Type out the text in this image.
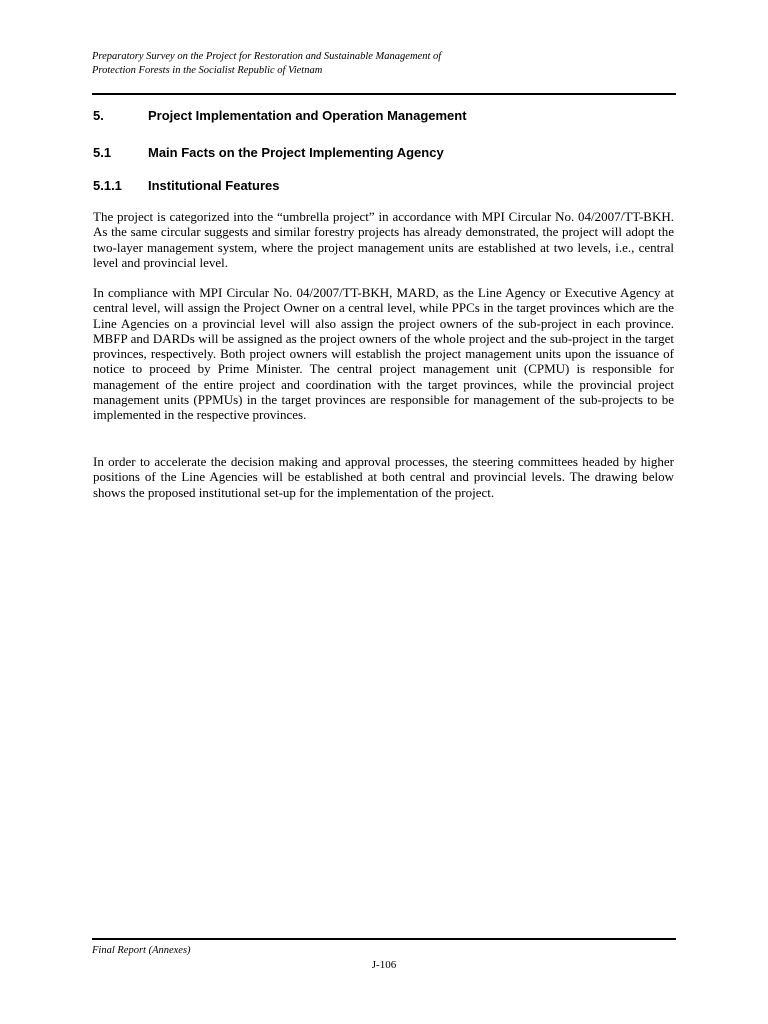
Preparatory Survey on the Project for Restoration and Sustainable Management of
Protection Forests in the Socialist Republic of Vietnam
5.	Project Implementation and Operation Management
5.1	Main Facts on the Project Implementing Agency
5.1.1 Institutional Features

The project is categorized into the “umbrella project” in accordance with MPI Circular No. 04/2007/TT-BKH. As the same circular suggests and similar forestry projects has already demonstrated, the project will adopt the two-layer management system, where the project management units are established at two levels, i.e., central level and provincial level.

In compliance with MPI Circular No. 04/2007/TT-BKH, MARD, as the Line Agency or Executive Agency at central level, will assign the Project Owner on a central level, while PPCs in the target provinces which are the Line Agencies on a provincial level will also assign the project owners of the sub-project in each province. MBFP and DARDs will be assigned as the project owners of the whole project and the sub-project in the target provinces, respectively. Both project owners will establish the project management units upon the issuance of notice to proceed by Prime Minister. The central project management unit (CPMU) is responsible for management of the entire project and coordination with the target provinces, while the provincial project management units (PPMUs) in the target provinces are responsible for management of the sub-projects to be implemented in the respective provinces.

In order to accelerate the decision making and approval processes, the steering committees headed by higher positions of the Line Agencies will be established at both central and provincial levels. The drawing below shows the proposed institutional set-up for the implementation of the project.

Final Report (Annexes)
J-106
